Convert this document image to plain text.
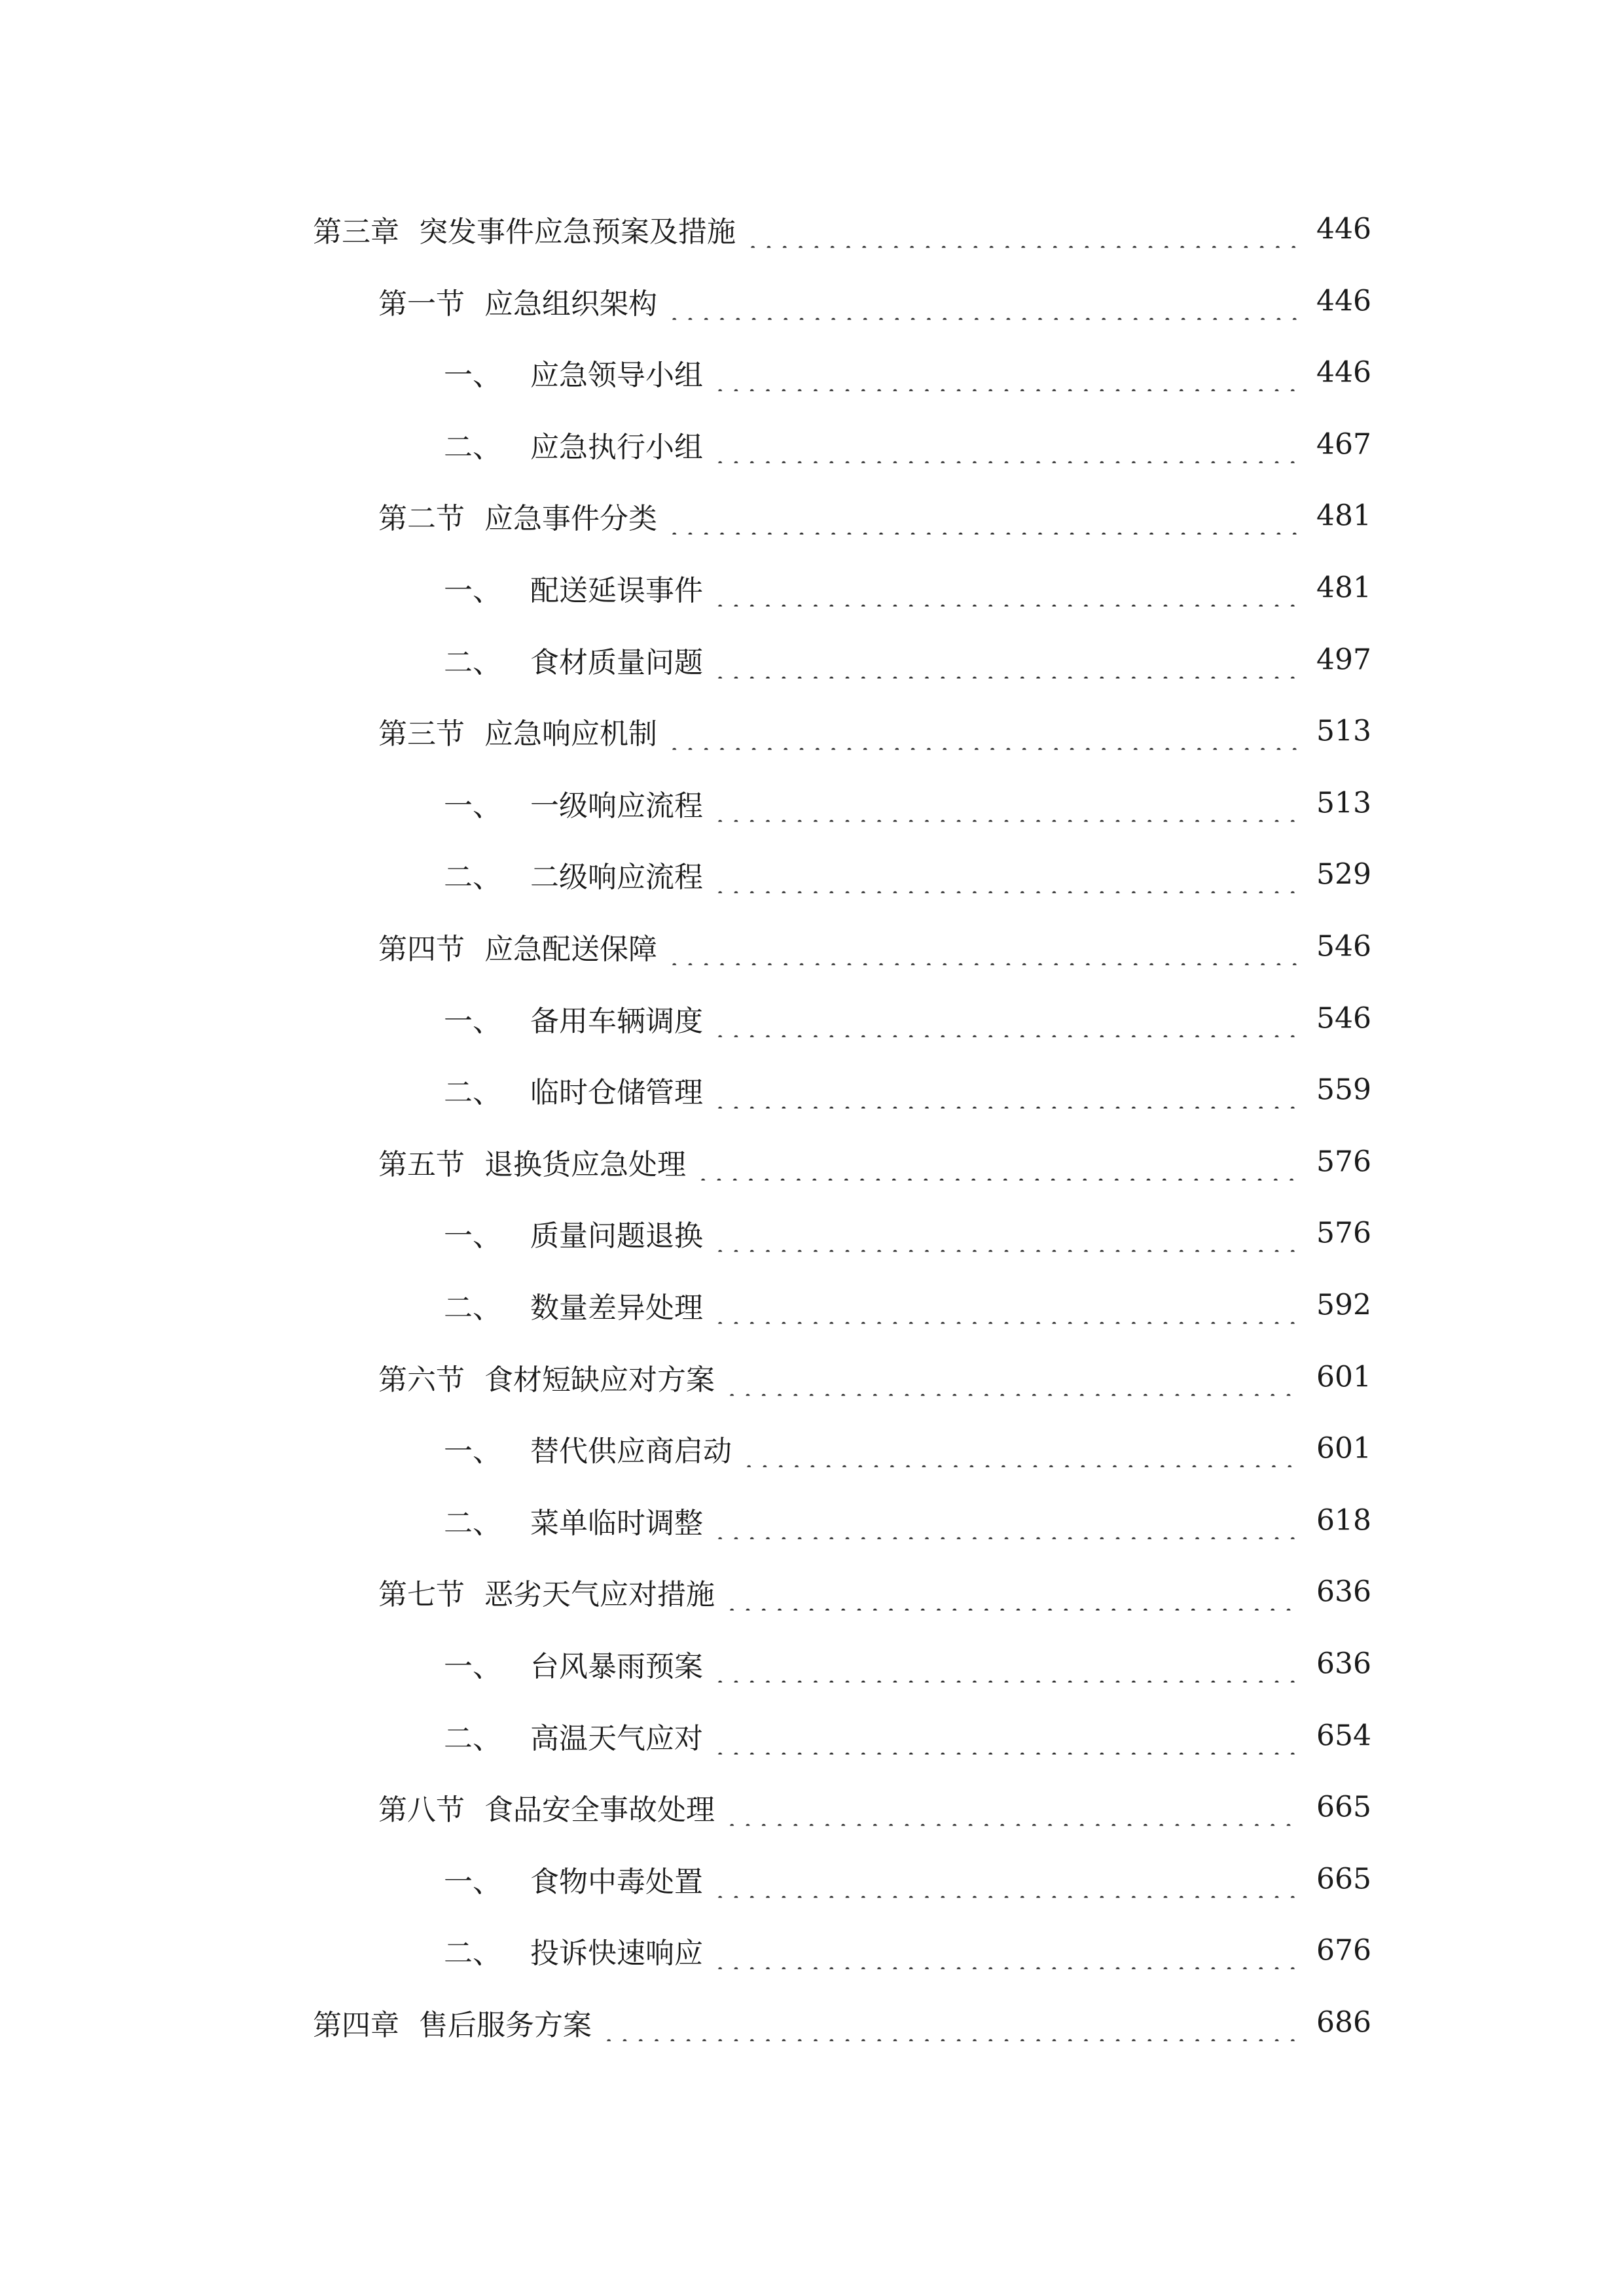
第三章 突发事件应急预案及措施	446
第一节 应急组织架构	446
一、 应急领导小组	446
二、 应急执行小组	467
第二节 应急事件分类	481
一、 配送延误事件	481
二、 食材质量问题	497
第三节 应急响应机制	513
一、 一级响应流程	513
二、 二级响应流程	529
第四节 应急配送保障	546
一、 备用车辆调度	546
二、 临时仓储管理	559
第五节 退换货应急处理	576
一、 质量问题退换	576
二、 数量差异处理	592
第六节 食材短缺应对方案	601
一、 替代供应商启动	601
二、 菜单临时调整	618
第七节 恶劣天气应对措施	636
一、 台风暴雨预案	636
二、 高温天气应对	654
第八节 食品安全事故处理	665
一、 食物中毒处置	665
二、 投诉快速响应	676
第四章 售后服务方案	686
